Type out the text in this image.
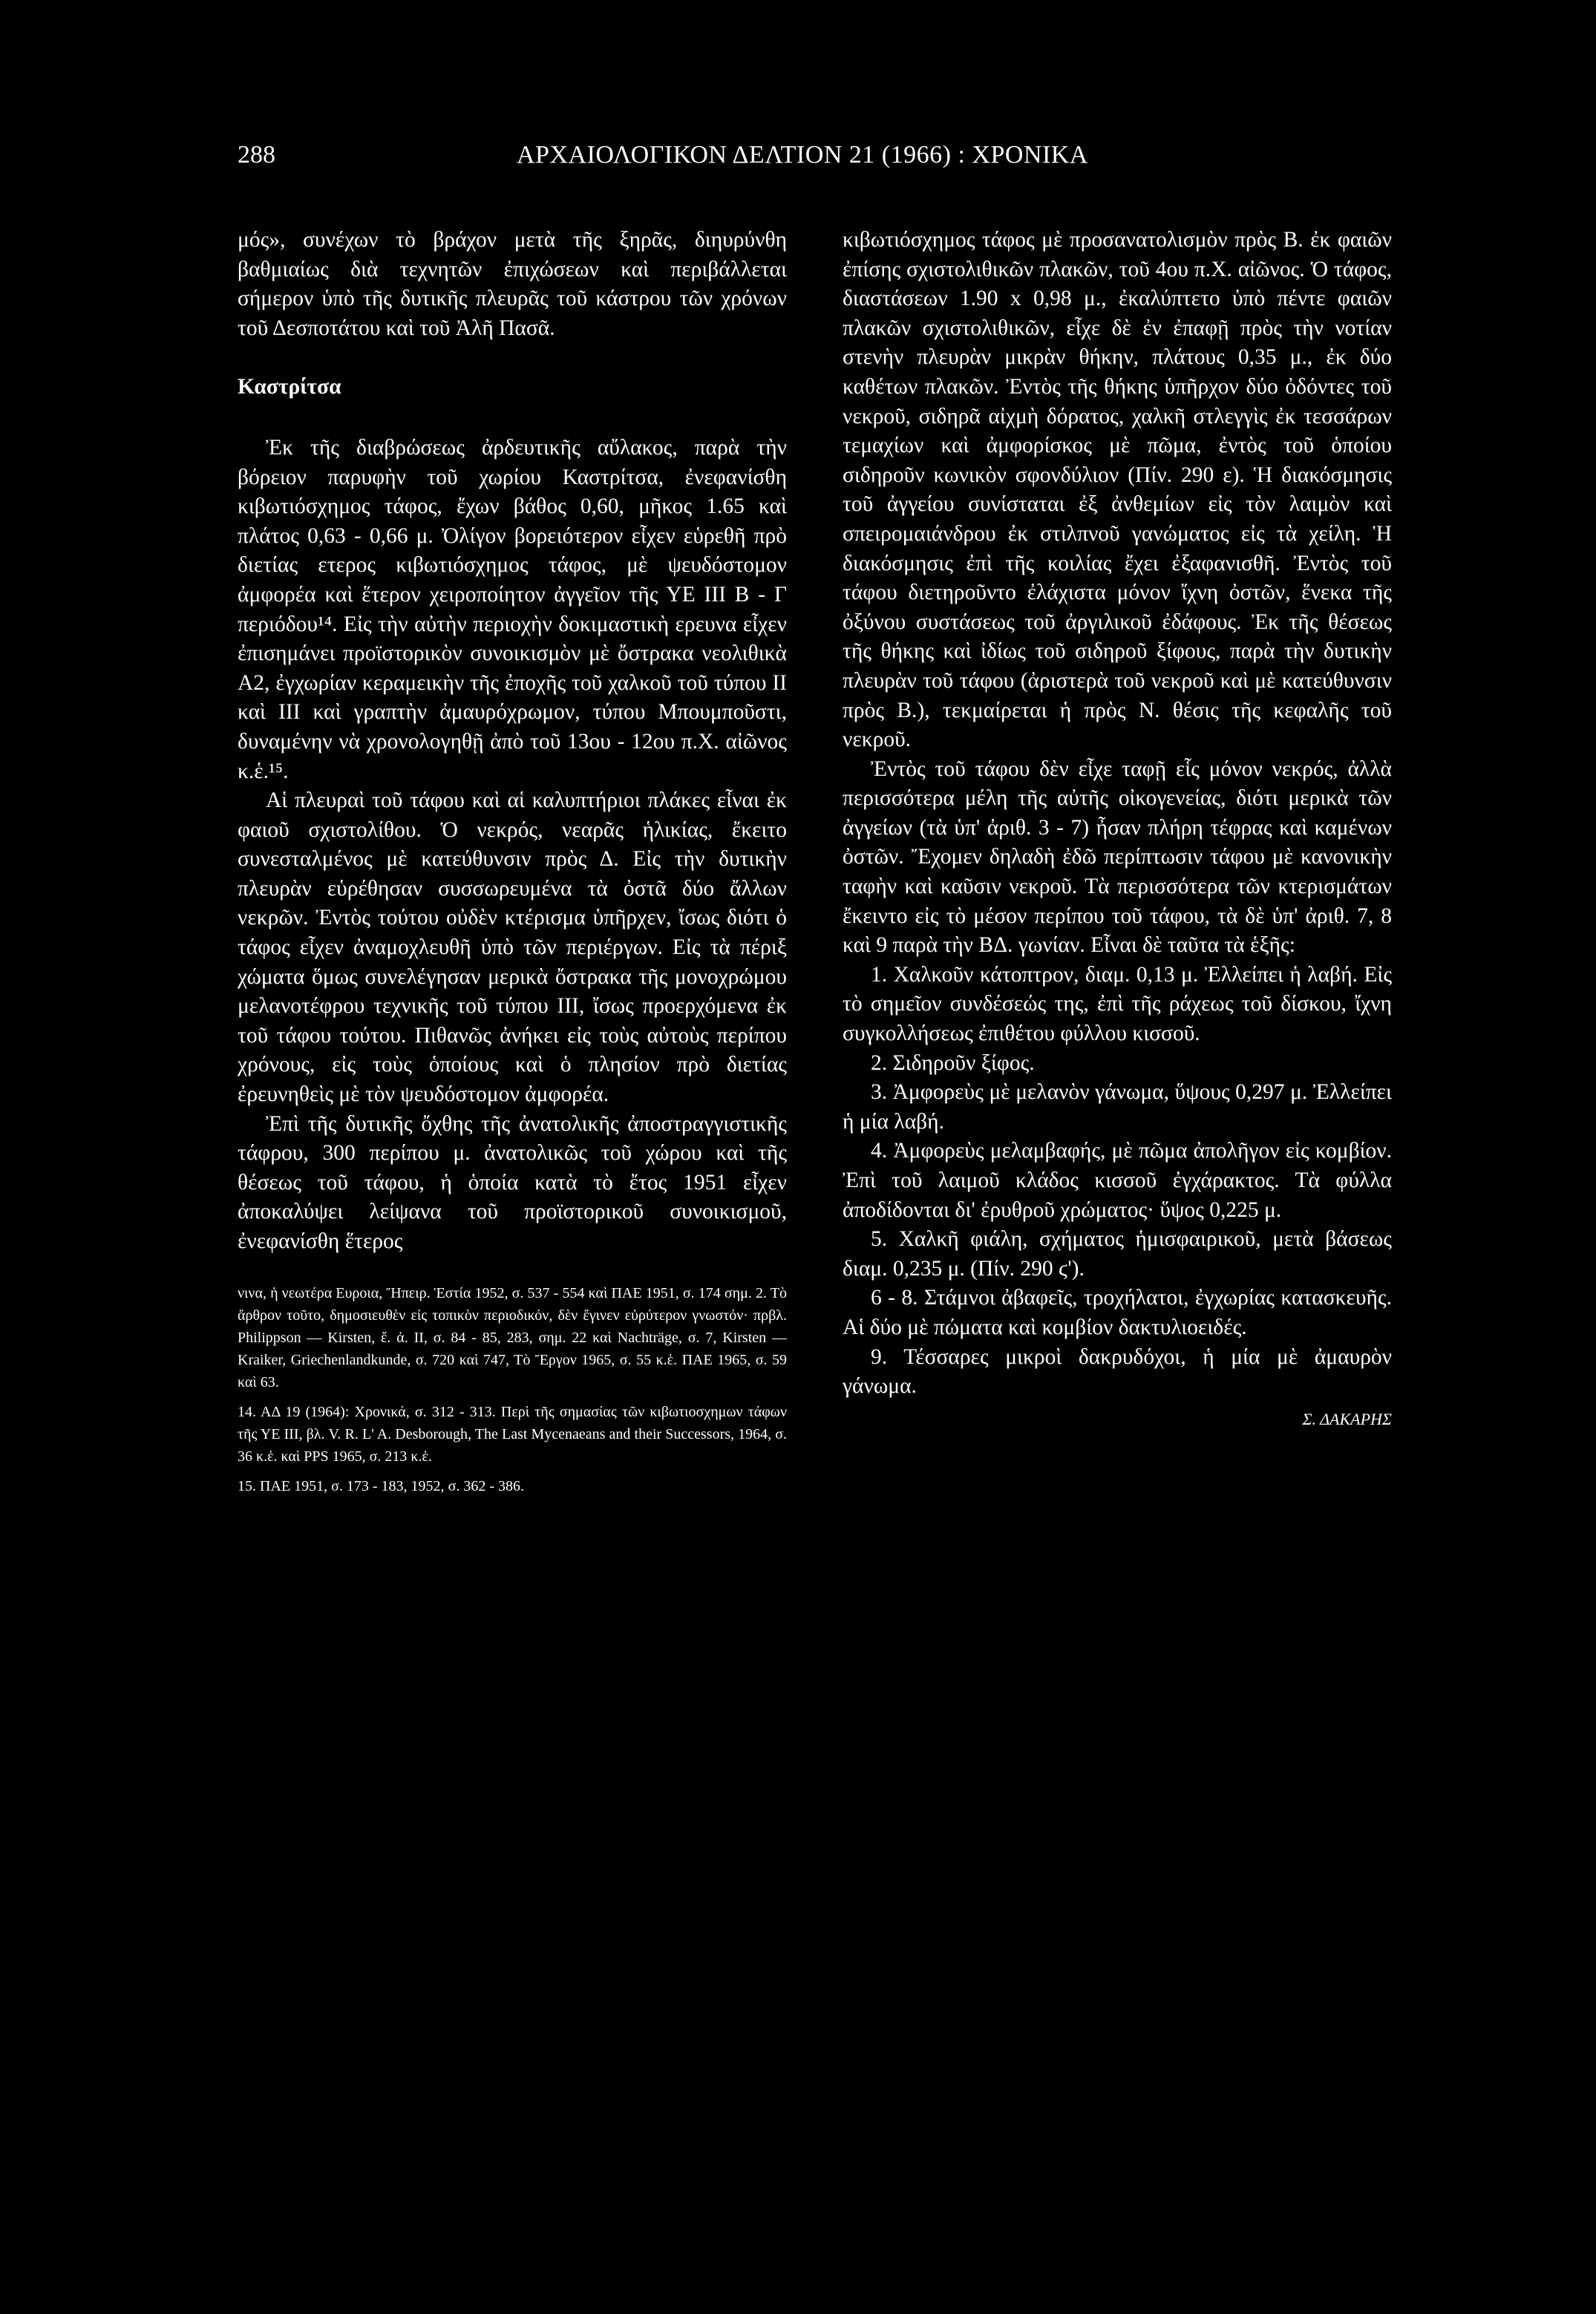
288	ΑΡΧΑΙΟΛΟΓΙΚΟΝ ΔΕΛΤΙΟΝ 21 (1966) : ΧΡΟΝΙΚΑ

μός», συνέχων τὸ βράχον μετὰ τῆς ξηρᾶς, διηυρύνθη βαθμιαίως διὰ τεχνητῶν ἐπιχώσεων καὶ περιβάλλεται σήμερον ὑπὸ τῆς δυτικῆς πλευρᾶς τοῦ κάστρου τῶν χρόνων τοῦ Δεσποτάτου καὶ τοῦ Ἀλῆ Πασᾶ.

Καστρίτσα

Ἐκ τῆς διαβρώσεως ἀρδευτικῆς αὔλακος, παρὰ τὴν βόρειον παρυφὴν τοῦ χωρίου Καστρίτσα, ἐνεφανίσθη κιβωτιόσχημος τάφος, ἔχων βάθος 0,60, μῆκος 1.65 καὶ πλάτος 0,63 - 0,66 μ. Ὀλίγον βορειότερον εἶχεν εὑρεθῆ πρὸ διετίας ετερος κιβωτιόσχημος τάφος, μὲ ψευδόστομον ἀμφορέα καὶ ἕτερον χειροποίητον ἀγγεῖον τῆς ΥΕ ΙΙΙ Β - Γ περιόδου¹⁴. Εἰς τὴν αὐτὴν περιοχὴν δοκιμαστικὴ ερευνα εἶχεν ἐπισημάνει προϊστορικὸν συνοικισμὸν μὲ ὄστρακα νεολιθικὰ Α2, ἐγχωρίαν κεραμεικὴν τῆς ἐποχῆς τοῦ χαλκοῦ τοῦ τύπου ΙΙ καὶ ΙΙΙ καὶ γραπτὴν ἀμαυρόχρωμον, τύπου Μπουμποῦστι, δυναμένην νὰ χρονολογηθῇ ἀπὸ τοῦ 13ου - 12ου π.Χ. αἰῶνος κ.ἑ.¹⁵.

Αἱ πλευραὶ τοῦ τάφου καὶ αἱ καλυπτήριοι πλάκες εἶναι ἐκ φαιοῦ σχιστολίθου. Ὁ νεκρός, νεαρᾶς ἡλικίας, ἔκειτο συνεσταλμένος μὲ κατεύθυνσιν πρὸς Δ. Εἰς τὴν δυτικὴν πλευρὰν εὑρέθησαν συσσωρευμένα τὰ ὀστᾶ δύο ἄλλων νεκρῶν. Ἐντὸς τούτου οὐδὲν κτέρισμα ὑπῆρχεν, ἴσως διότι ὁ τάφος εἶχεν ἀναμοχλευθῆ ὑπὸ τῶν περιέργων. Εἰς τὰ πέριξ χώματα ὅμως συνελέγησαν μερικὰ ὄστρακα τῆς μονοχρώμου μελανοτέφρου τεχνικῆς τοῦ τύπου ΙΙΙ, ἴσως προερχόμενα ἐκ τοῦ τάφου τούτου. Πιθανῶς ἀνήκει εἰς τοὺς αὐτοὺς περίπου χρόνους, εἰς τοὺς ὁποίους καὶ ὁ πλησίον πρὸ διετίας ἐρευνηθεὶς μὲ τὸν ψευδόστομον ἀμφορέα.

Ἐπὶ τῆς δυτικῆς ὄχθης τῆς ἀνατολικῆς ἀποστραγγιστικῆς τάφρου, 300 περίπου μ. ἀνατολικῶς τοῦ χώρου καὶ τῆς θέσεως τοῦ τάφου, ἡ ὁποία κατὰ τὸ ἔτος 1951 εἶχεν ἀποκαλύψει λείψανα τοῦ προϊστορικοῦ συνοικισμοῦ, ἐνεφανίσθη ἕτερος

νινα, ἡ νεωτέρα Ευροια, Ἤπειρ. Ἑστία 1952, σ. 537 - 554 καὶ ΠΑΕ 1951, σ. 174 σημ. 2. Τὸ ἄρθρον τοῦτο, δημοσιευθὲν εἰς τοπικὸν περιοδικόν, δὲν ἔγινεν εὐρύτερον γνωστόν· πρβλ. Philippson — Kirsten, ἔ. ἀ. ΙΙ, σ. 84 - 85, 283, σημ. 22 καὶ Nachträge, σ. 7, Kirsten — Kraiker, Griechenlandkunde, σ. 720 καὶ 747, Τὸ Ἔργον 1965, σ. 55 κ.ἑ. ΠΑΕ 1965, σ. 59 καὶ 63.

14. ΑΔ 19 (1964): Χρονικά, σ. 312 - 313. Περὶ τῆς σημασίας τῶν κιβωτιοσχημων τάφων τῆς ΥΕ ΙΙΙ, βλ. V. R. L' A. Desborough, The Last Mycenaeans and their Successors, 1964, σ. 36 κ.ἑ. καὶ PPS 1965, σ. 213 κ.ἑ.

15. ΠΑΕ 1951, σ. 173 - 183, 1952, σ. 362 - 386.

κιβωτιόσχημος τάφος μὲ προσανατολισμὸν πρὸς Β. ἐκ φαιῶν ἐπίσης σχιστολιθικῶν πλακῶν, τοῦ 4ου π.Χ. αἰῶνος. Ὁ τάφος, διαστάσεων 1.90 x 0,98 μ., ἐκαλύπτετο ὑπὸ πέντε φαιῶν πλακῶν σχιστολιθικῶν, εἶχε δὲ ἐν ἐπαφῇ πρὸς τὴν νοτίαν στενὴν πλευρὰν μικρὰν θήκην, πλάτους 0,35 μ., ἐκ δύο καθέτων πλακῶν. Ἐντὸς τῆς θήκης ὑπῆρχον δύο ὀδόντες τοῦ νεκροῦ, σιδηρᾶ αἰχμὴ δόρατος, χαλκῆ στλεγγὶς ἐκ τεσσάρων τεμαχίων καὶ ἀμφορίσκος μὲ πῶμα, ἐντὸς τοῦ ὁποίου σιδηροῦν κωνικὸν σφονδύλιον (Πίν. 290 ε). Ἡ διακόσμησις τοῦ ἀγγείου συνίσταται ἐξ ἀνθεμίων εἰς τὸν λαιμὸν καὶ σπειρομαιάνδρου ἐκ στιλπνοῦ γανώματος εἰς τὰ χείλη. Ἡ διακόσμησις ἐπὶ τῆς κοιλίας ἔχει ἐξαφανισθῆ. Ἐντὸς τοῦ τάφου διετηροῦντο ἐλάχιστα μόνον ἴχνη ὀστῶν, ἕνεκα τῆς ὀξύνου συστάσεως τοῦ ἀργιλικοῦ ἐδάφους. Ἐκ τῆς θέσεως τῆς θήκης καὶ ἰδίως τοῦ σιδηροῦ ξίφους, παρὰ τὴν δυτικὴν πλευρὰν τοῦ τάφου (ἀριστερὰ τοῦ νεκροῦ καὶ μὲ κατεύθυνσιν πρὸς Β.), τεκμαίρεται ἡ πρὸς Ν. θέσις τῆς κεφαλῆς τοῦ νεκροῦ.

Ἐντὸς τοῦ τάφου δὲν εἶχε ταφῇ εἷς μόνον νεκρός, ἀλλὰ περισσότερα μέλη τῆς αὐτῆς οἰκογενείας, διότι μερικὰ τῶν ἀγγείων (τὰ ὑπ' ἀριθ. 3 - 7) ἦσαν πλήρη τέφρας καὶ καμένων ὀστῶν. Ἔχομεν δηλαδὴ ἐδῶ περίπτωσιν τάφου μὲ κανονικὴν ταφὴν καὶ καῦσιν νεκροῦ. Τὰ περισσότερα τῶν κτερισμάτων ἔκειντο εἰς τὸ μέσον περίπου τοῦ τάφου, τὰ δὲ ὑπ' ἀριθ. 7, 8 καὶ 9 παρὰ τὴν ΒΔ. γωνίαν. Εἶναι δὲ ταῦτα τὰ ἑξῆς:

1. Χαλκοῦν κάτοπτρον, διαμ. 0,13 μ. Ἐλλείπει ἡ λαβή. Εἰς τὸ σημεῖον συνδέσεώς της, ἐπὶ τῆς ράχεως τοῦ δίσκου, ἴχνη συγκολλήσεως ἐπιθέτου φύλλου κισσοῦ.

2. Σιδηροῦν ξίφος.

3. Ἀμφορεὺς μὲ μελανὸν γάνωμα, ὕψους 0,297 μ. Ἐλλείπει ἡ μία λαβή.

4. Ἀμφορεὺς μελαμβαφής, μὲ πῶμα ἀπολῆγον εἰς κομβίον. Ἐπὶ τοῦ λαιμοῦ κλάδος κισσοῦ ἐγχάρακτος. Τὰ φύλλα ἀποδίδονται δι' ἐρυθροῦ χρώματος· ὕψος 0,225 μ.

5. Χαλκῆ φιάλη, σχήματος ἡμισφαιρικοῦ, μετὰ βάσεως διαμ. 0,235 μ. (Πίν. 290 ϛ').

6 - 8. Στάμνοι ἀβαφεῖς, τροχήλατοι, ἐγχωρίας κατασκευῆς. Αἱ δύο μὲ πώματα καὶ κομβίον δακτυλιοειδές.

9. Τέσσαρες μικροὶ δακρυδόχοι, ἡ μία μὲ ἀμαυρὸν γάνωμα.

Σ. ΔΑΚΑΡΗΣ
